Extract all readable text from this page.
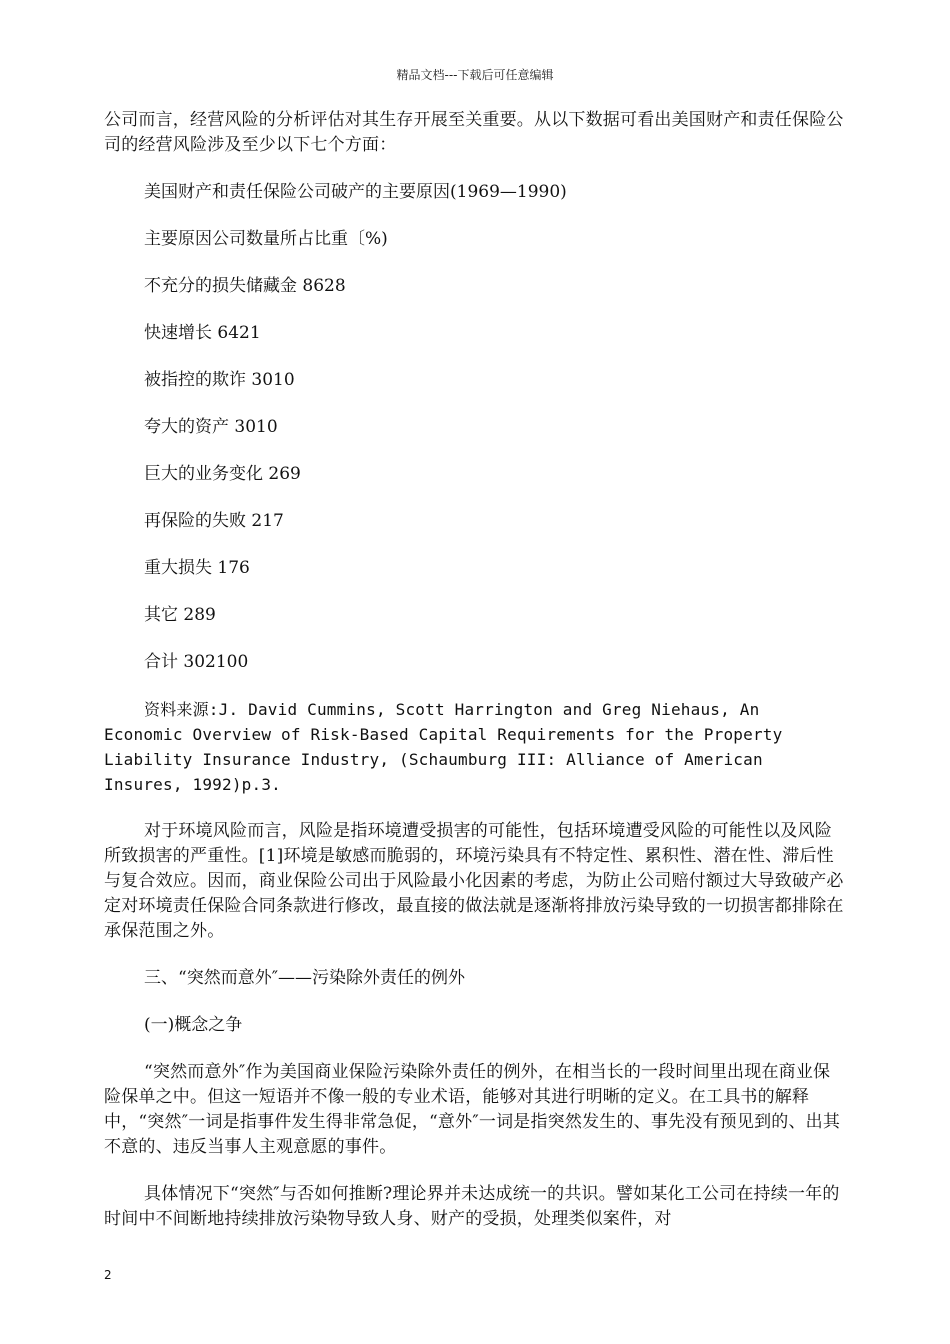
精品文档---下载后可任意编辑

公司而言，经营风险的分析评估对其生存开展至关重要。从以下数据可看出美国财产和责任保险公司的经营风险涉及至少以下七个方面：

美国财产和责任保险公司破产的主要原因(1969—1990)

主要原因公司数量所占比重〔%)

不充分的损失储藏金 8628

快速增长 6421

被指控的欺诈 3010

夸大的资产 3010

巨大的业务变化 269

再保险的失败 217

重大损失 176

其它 289

合计 302100

资料来源:J. David Cummins, Scott Harrington and Greg Niehaus, An Economic Overview of Risk-Based Capital Requirements for the Property Liability Insurance Industry, (Schaumburg III: Alliance of American Insures, 1992)p.3.

对于环境风险而言，风险是指环境遭受损害的可能性，包括环境遭受风险的可能性以及风险所致损害的严重性。[1]环境是敏感而脆弱的，环境污染具有不特定性、累积性、潜在性、滞后性与复合效应。因而，商业保险公司出于风险最小化因素的考虑，为防止公司赔付额过大导致破产必定对环境责任保险合同条款进行修改，最直接的做法就是逐渐将排放污染导致的一切损害都排除在承保范围之外。

三、“突然而意外″——污染除外责任的例外

(一)概念之争

“突然而意外″作为美国商业保险污染除外责任的例外，在相当长的一段时间里出现在商业保险保单之中。但这一短语并不像一般的专业术语，能够对其进行明晰的定义。在工具书的解释中，“突然″一词是指事件发生得非常急促，“意外″一词是指突然发生的、事先没有预见到的、出其不意的、违反当事人主观意愿的事件。

具体情况下“突然″与否如何推断?理论界并未达成统一的共识。譬如某化工公司在持续一年的时间中不间断地持续排放污染物导致人身、财产的受损，处理类似案件，对

2
